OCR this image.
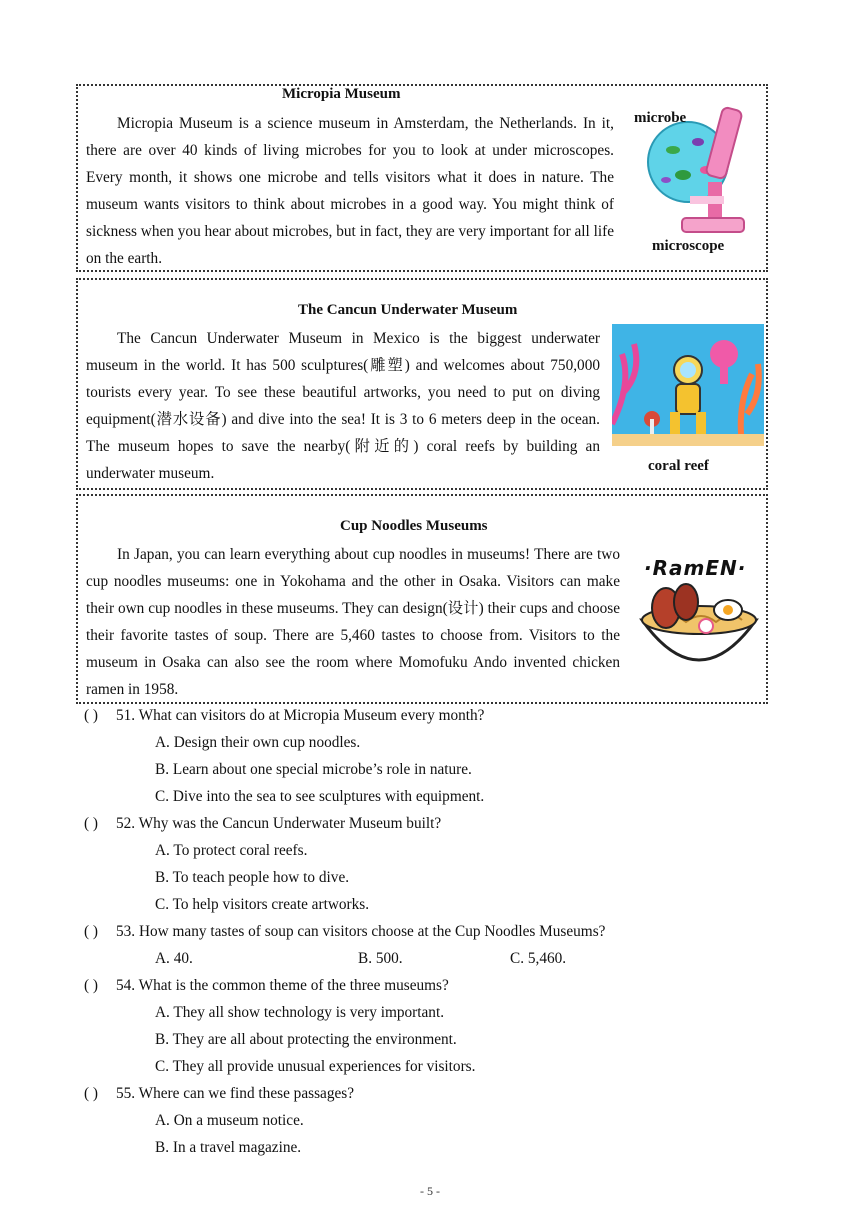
Micropia Museum

Micropia Museum is a science museum in Amsterdam, the Netherlands. In it, there are over 40 kinds of living microbes for you to look at under microscopes. Every month, it shows one microbe and tells visitors what it does in nature. The museum wants visitors to think about microbes in a good way. You might think of sickness when you hear about microbes, but in fact, they are very important for all life on the earth.

microbe
microscope
The Cancun Underwater Museum

The Cancun Underwater Museum in Mexico is the biggest underwater museum in the world. It has 500 sculptures(雕塑) and welcomes about 750,000 tourists every year. To see these beautiful artworks, you need to put on diving equipment(潜水设备) and dive into the sea! It is 3 to 6 meters deep in the ocean. The museum hopes to save the nearby(附近的) coral reefs by building an underwater museum.	coral reef
Cup Noodles Museums

In Japan, you can learn everything about cup noodles in museums! There are two cup noodles museums: one in Yokohama and the other in Osaka. Visitors can make their own cup noodles in these museums. They can design(设计) their cups and choose their favorite tastes of soup. There are 5,460 tastes to choose from. Visitors to the museum in Osaka can also see the room where Momofuku Ando invented chicken ramen in 1958.

·RamEN·
( ) 51. What can visitors do at Micropia Museum every month?
A. Design their own cup noodles.
B. Learn about one special microbe’s role in nature.
C. Dive into the sea to see sculptures with equipment.
( ) 52. Why was the Cancun Underwater Museum built?
A. To protect coral reefs.
B. To teach people how to dive.
C. To help visitors create artworks.
( ) 53. How many tastes of soup can visitors choose at the Cup Noodles Museums?
A. 40.	B. 500.	C. 5,460.
( ) 54. What is the common theme of the three museums?
A. They all show technology is very important.
B. They are all about protecting the environment.
C. They all provide unusual experiences for visitors.
( ) 55. Where can we find these passages?
A. On a museum notice.
B. In a travel magazine.
- 5 -
